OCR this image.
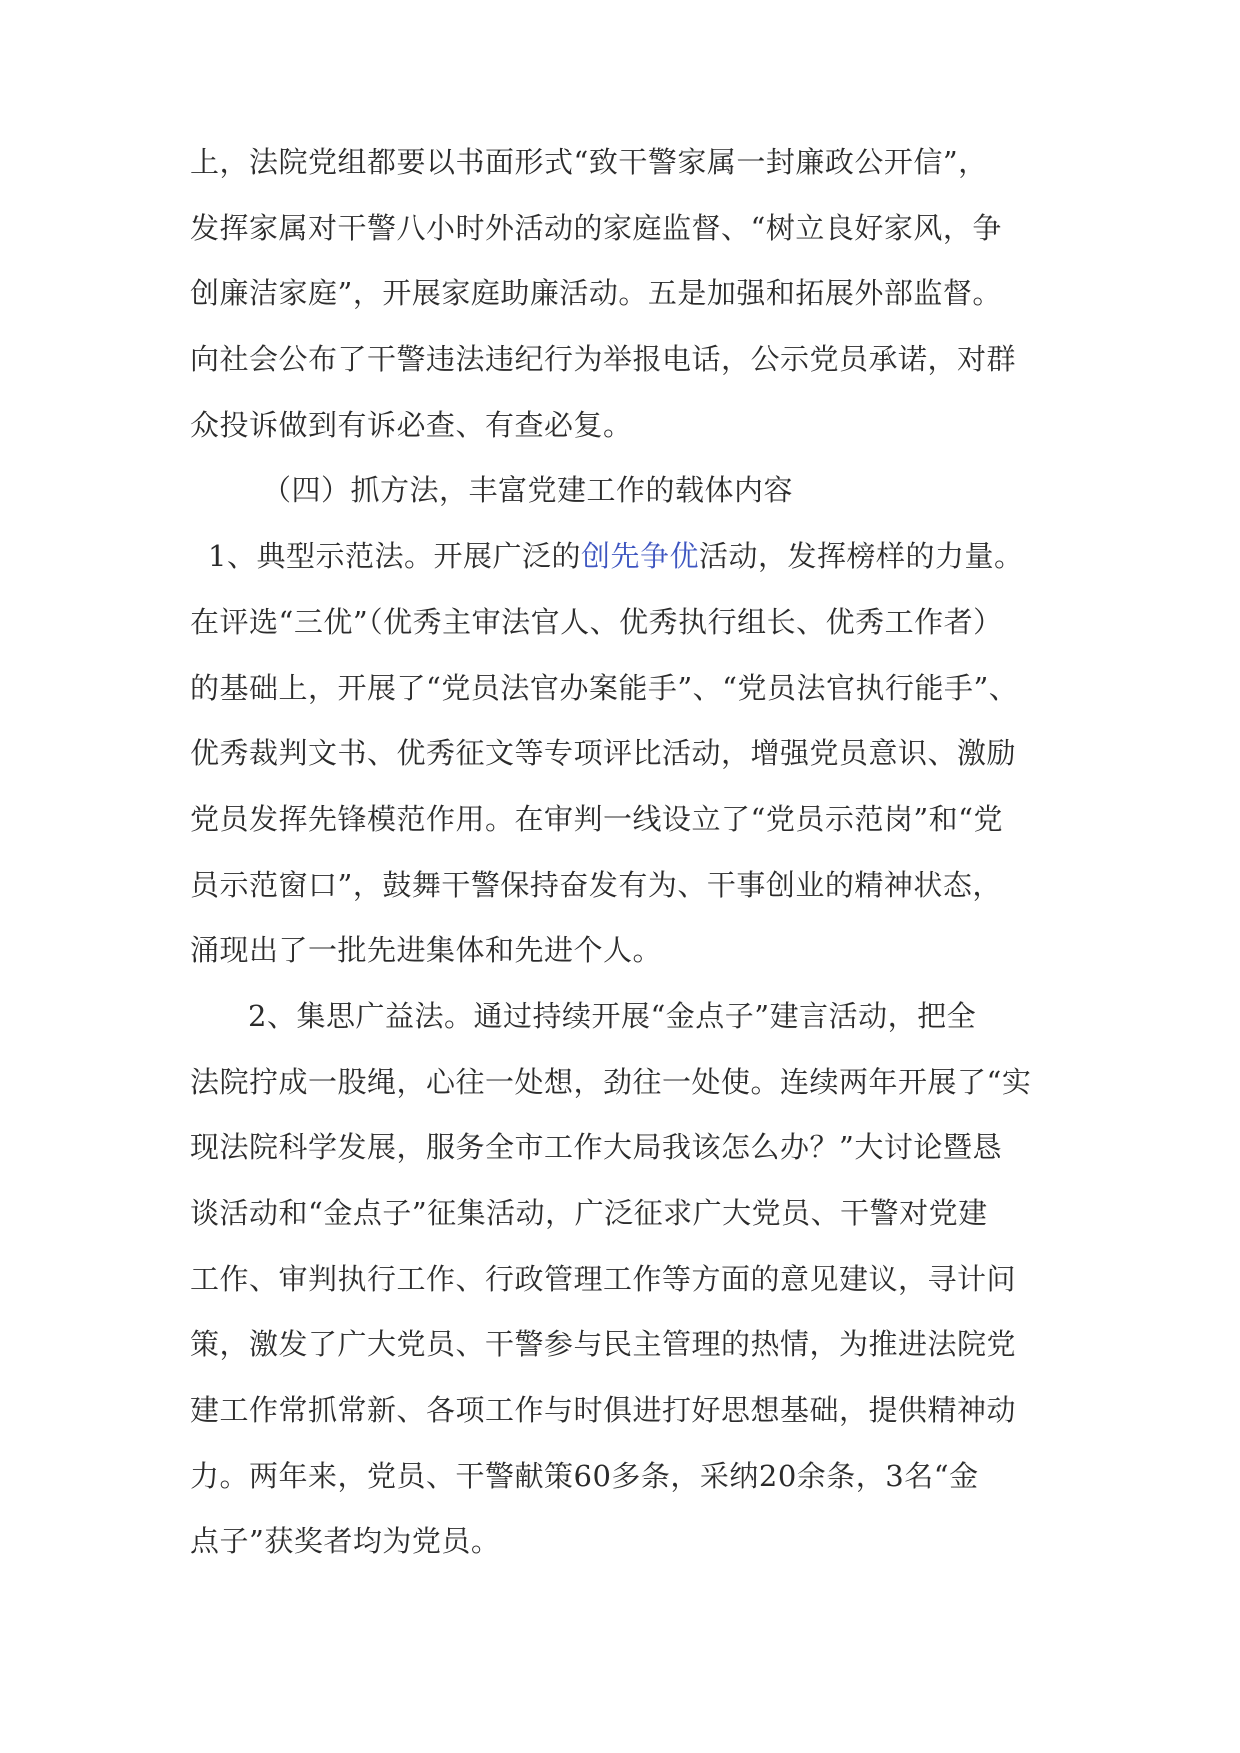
上，法院党组都要以书面形式“致干警家属一封廉政公开信”，
发挥家属对干警八小时外活动的家庭监督、“树立良好家风，争
创廉洁家庭”，开展家庭助廉活动。五是加强和拓展外部监督。
向社会公布了干警违法违纪行为举报电话，公示党员承诺，对群
众投诉做到有诉必查、有查必复。
（四）抓方法，丰富党建工作的载体内容
1、典型示范法。开展广泛的创先争优活动，发挥榜样的力量。
在评选“三优”（优秀主审法官人、优秀执行组长、优秀工作者）
的基础上，开展了“党员法官办案能手”、“党员法官执行能手”、
优秀裁判文书、优秀征文等专项评比活动，增强党员意识、激励
党员发挥先锋模范作用。在审判一线设立了“党员示范岗”和“党
员示范窗口”，鼓舞干警保持奋发有为、干事创业的精神状态，
涌现出了一批先进集体和先进个人。
2、集思广益法。通过持续开展“金点子”建言活动，把全
法院拧成一股绳，心往一处想，劲往一处使。连续两年开展了“实
现法院科学发展，服务全市工作大局我该怎么办？”大讨论暨恳
谈活动和“金点子”征集活动，广泛征求广大党员、干警对党建
工作、审判执行工作、行政管理工作等方面的意见建议，寻计问
策，激发了广大党员、干警参与民主管理的热情，为推进法院党
建工作常抓常新、各项工作与时俱进打好思想基础，提供精神动
力。两年来，党员、干警献策60多条，采纳20余条，3名“金
点子”获奖者均为党员。
